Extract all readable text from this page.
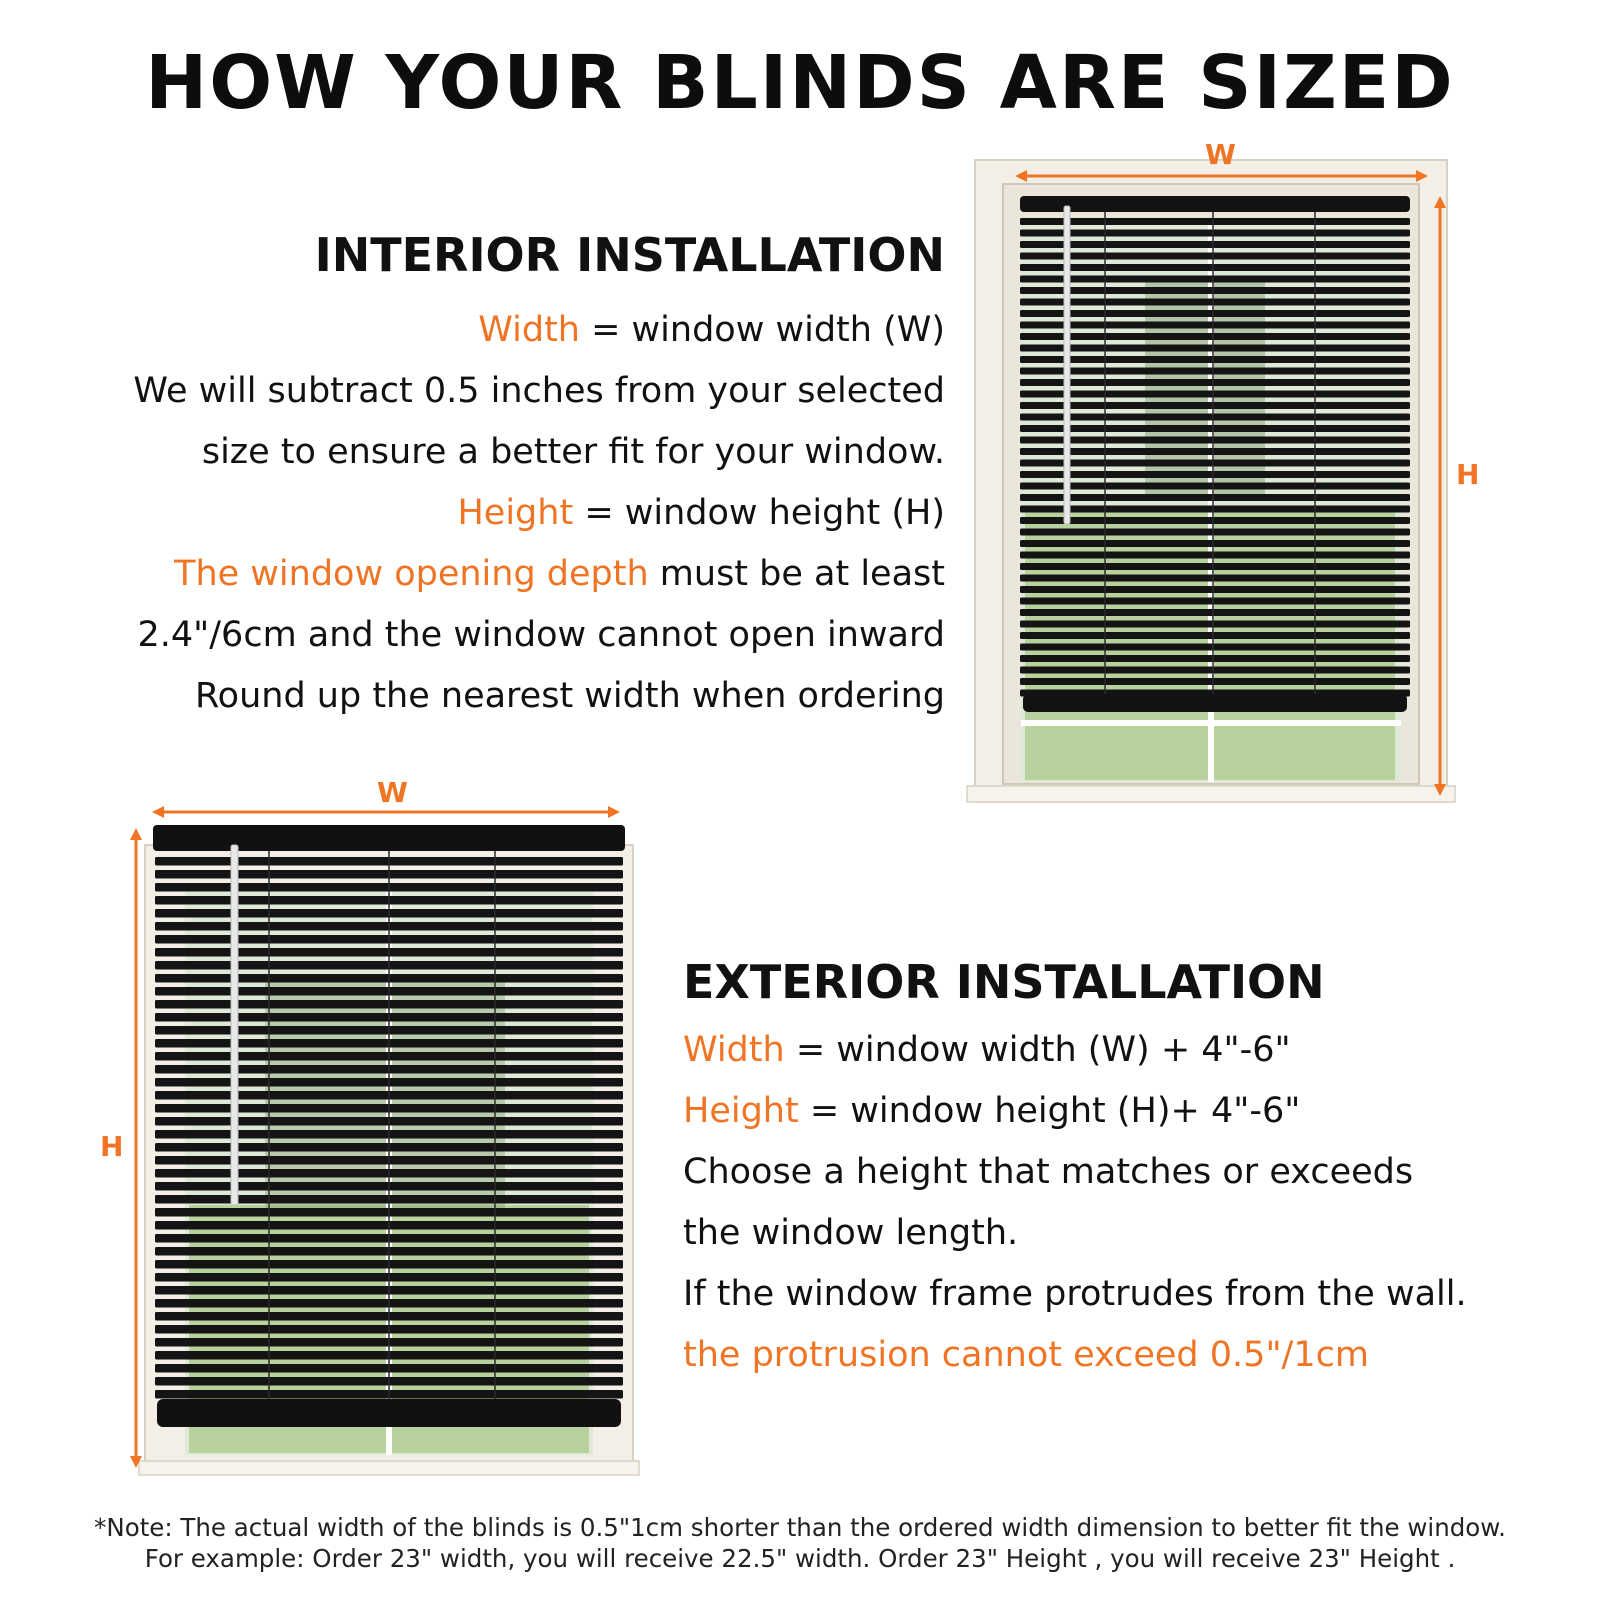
HOW YOUR BLINDS ARE SIZED
INTERIOR INSTALLATION
Width = window width (W)
We will subtract 0.5 inches from your selected
size to ensure a better fit for your window.
Height = window height (H)
The window opening depth must be at least
2.4"/6cm and the window cannot open inward
Round up the nearest width when ordering
EXTERIOR INSTALLATION
Width = window width (W) + 4"-6"
Height = window height (H)+ 4"-6"
Choose a height that matches or exceeds
the window length.
If the window frame protrudes from the wall.
the protrusion cannot exceed 0.5"/1cm
W
H
W
H
*Note: The actual width of the blinds is 0.5"1cm shorter than the ordered width dimension to better fit the window.
For example: Order 23" width, you will receive 22.5" width. Order 23" Height , you will receive 23" Height .
